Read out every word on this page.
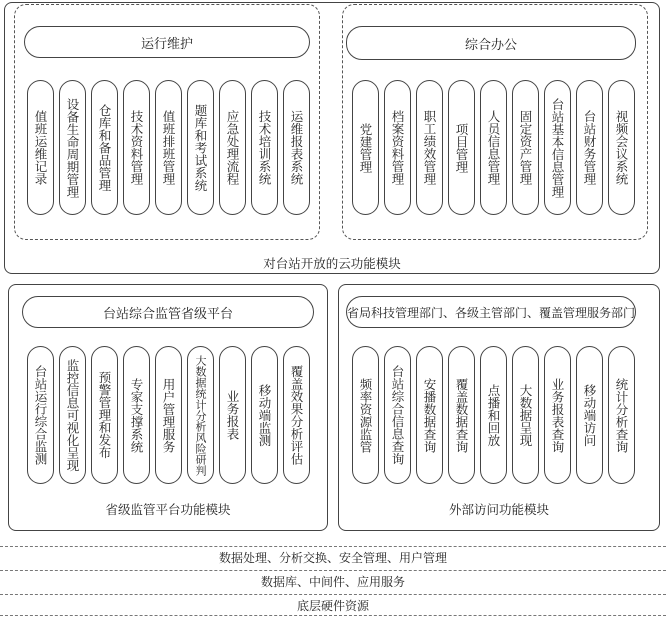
运行维护
值班运维记录 设备生命周期管理 仓库和备品管理 技术资料管理 值班排班管理 题库和考试系统 应急处理流程 技术培训系统 运维报表系统
综合办公
党建管理 档案资料管理 职工绩效管理 项目管理 人员信息管理 固定资产管理 台站基本信息管理 台站财务管理 视频会议系统
对台站开放的云功能模块
台站综合监管省级平台
台站运行综合监测 监控信息可视化呈现 预警管理和发布 专家支撑系统 用户管理服务 大数据统计分析风险研判 业务报表 移动端监测 覆盖效果分析评估
省级监管平台功能模块
省局科技管理部门、各级主管部门、覆盖管理服务部门
频率资源监管 台站综合信息查询 安播数据查询 覆盖数据查询 点播和回放 大数据呈现 业务报表查询 移动端访问 统计分析查询
外部访问功能模块
数据处理、分析交换、安全管理、用户管理
数据库、中间件、应用服务
底层硬件资源
